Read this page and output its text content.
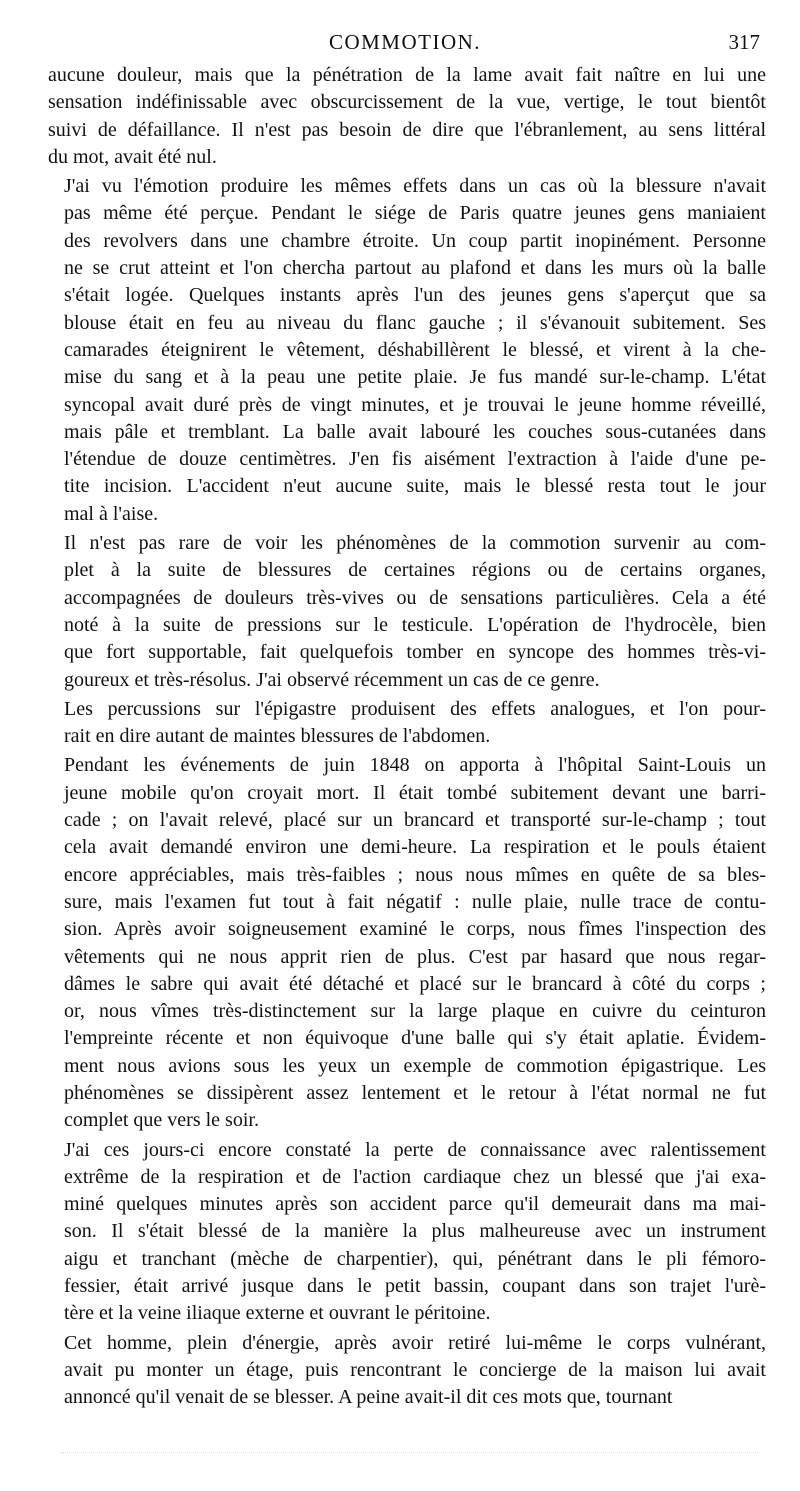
COMMOTION.	317
aucune douleur, mais que la pénétration de la lame avait fait naître en lui une
sensation indéfinissable avec obscurcissement de la vue, vertige, le tout bientôt
suivi de défaillance. Il n'est pas besoin de dire que l'ébranlement, au sens littéral
du mot, avait été nul.
J'ai vu l'émotion produire les mêmes effets dans un cas où la blessure n'avait
pas même été perçue. Pendant le siége de Paris quatre jeunes gens maniaient
des revolvers dans une chambre étroite. Un coup partit inopinément. Personne
ne se crut atteint et l'on chercha partout au plafond et dans les murs où la balle
s'était logée. Quelques instants après l'un des jeunes gens s'aperçut que sa
blouse était en feu au niveau du flanc gauche ; il s'évanouit subitement. Ses
camarades éteignirent le vêtement, déshabillèrent le blessé, et virent à la che-
mise du sang et à la peau une petite plaie. Je fus mandé sur-le-champ. L'état
syncopal avait duré près de vingt minutes, et je trouvai le jeune homme réveillé,
mais pâle et tremblant. La balle avait labouré les couches sous-cutanées dans
l'étendue de douze centimètres. J'en fis aisément l'extraction à l'aide d'une pe-
tite incision. L'accident n'eut aucune suite, mais le blessé resta tout le jour
mal à l'aise.
Il n'est pas rare de voir les phénomènes de la commotion survenir au com-
plet à la suite de blessures de certaines régions ou de certains organes,
accompagnées de douleurs très-vives ou de sensations particulières. Cela a été
noté à la suite de pressions sur le testicule. L'opération de l'hydrocèle, bien
que fort supportable, fait quelquefois tomber en syncope des hommes très-vi-
goureux et très-résolus. J'ai observé récemment un cas de ce genre.
Les percussions sur l'épigastre produisent des effets analogues, et l'on pour-
rait en dire autant de maintes blessures de l'abdomen.
Pendant les événements de juin 1848 on apporta à l'hôpital Saint-Louis un
jeune mobile qu'on croyait mort. Il était tombé subitement devant une barri-
cade ; on l'avait relevé, placé sur un brancard et transporté sur-le-champ ; tout
cela avait demandé environ une demi-heure. La respiration et le pouls étaient
encore appréciables, mais très-faibles ; nous nous mîmes en quête de sa bles-
sure, mais l'examen fut tout à fait négatif : nulle plaie, nulle trace de contu-
sion. Après avoir soigneusement examiné le corps, nous fîmes l'inspection des
vêtements qui ne nous apprit rien de plus. C'est par hasard que nous regar-
dâmes le sabre qui avait été détaché et placé sur le brancard à côté du corps ;
or, nous vîmes très-distinctement sur la large plaque en cuivre du ceinturon
l'empreinte récente et non équivoque d'une balle qui s'y était aplatie. Évidem-
ment nous avions sous les yeux un exemple de commotion épigastrique. Les
phénomènes se dissipèrent assez lentement et le retour à l'état normal ne fut
complet que vers le soir.
J'ai ces jours-ci encore constaté la perte de connaissance avec ralentissement
extrême de la respiration et de l'action cardiaque chez un blessé que j'ai exa-
miné quelques minutes après son accident parce qu'il demeurait dans ma mai-
son. Il s'était blessé de la manière la plus malheureuse avec un instrument
aigu et tranchant (mèche de charpentier), qui, pénétrant dans le pli fémoro-
fessier, était arrivé jusque dans le petit bassin, coupant dans son trajet l'urè-
tère et la veine iliaque externe et ouvrant le péritoine.
Cet homme, plein d'énergie, après avoir retiré lui-même le corps vulnérant,
avait pu monter un étage, puis rencontrant le concierge de la maison lui avait
annoncé qu'il venait de se blesser. A peine avait-il dit ces mots que, tournant
